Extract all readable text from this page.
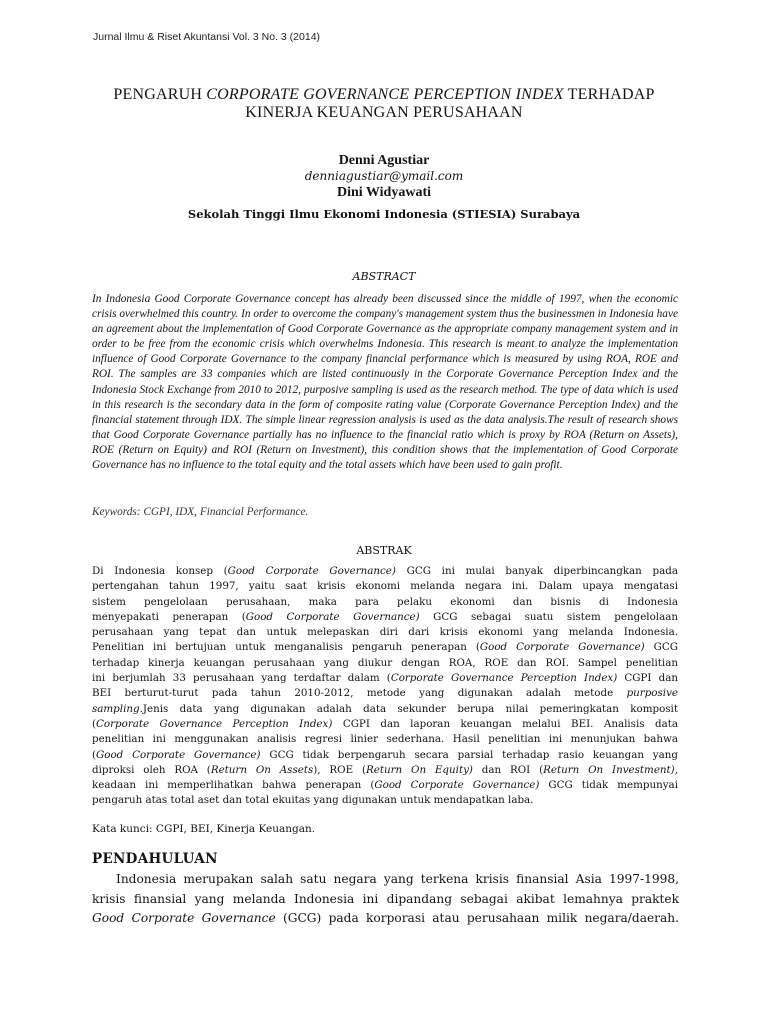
Jurnal Ilmu & Riset Akuntansi Vol. 3 No. 3 (2014)
PENGARUH CORPORATE GOVERNANCE PERCEPTION INDEX TERHADAP
KINERJA KEUANGAN PERUSAHAAN
Denni Agustiar
denniagustiar@ymail.com
Dini Widyawati
Sekolah Tinggi Ilmu Ekonomi Indonesia (STIESIA) Surabaya
ABSTRACT
In Indonesia Good Corporate Governance concept has already been discussed since the middle of 1997, when the economic crisis overwhelmed this country. In order to overcome the company's management system thus the businessmen in Indonesia have an agreement about the implementation of Good Corporate Governance as the appropriate company management system and in order to be free from the economic crisis which overwhelms Indonesia. This research is meant to analyze the implementation influence of Good Corporate Governance to the company financial performance which is measured by using ROA, ROE and ROI. The samples are 33 companies which are listed continuously in the Corporate Governance Perception Index and the Indonesia Stock Exchange from 2010 to 2012, purposive sampling is used as the research method. The type of data which is used in this research is the secondary data in the form of composite rating value (Corporate Governance Perception Index) and the financial statement through IDX. The simple linear regression analysis is used as the data analysis.The result of research shows that Good Corporate Governance partially has no influence to the financial ratio which is proxy by ROA (Return on Assets), ROE (Return on Equity) and ROI (Return on Investment), this condition shows that the implementation of Good Corporate Governance has no influence to the total equity and the total assets which have been used to gain profit.
Keywords: CGPI, IDX, Financial Performance.
ABSTRAK
Di Indonesia konsep (Good Corporate Governance) GCG ini mulai banyak diperbincangkan pada
pertengahan tahun 1997, yaitu saat krisis ekonomi melanda negara ini. Dalam upaya mengatasi
sistem pengelolaan perusahaan, maka para pelaku ekonomi dan bisnis di Indonesia
menyepakati penerapan (Good Corporate Governance) GCG sebagai suatu sistem pengelolaan
perusahaan yang tepat dan untuk melepaskan diri dari krisis ekonomi yang melanda Indonesia.
Penelitian ini bertujuan untuk menganalisis pengaruh penerapan (Good Corporate Governance) GCG
terhadap kinerja keuangan perusahaan yang diukur dengan ROA, ROE dan ROI. Sampel penelitian
ini berjumlah 33 perusahaan yang terdaftar dalam (Corporate Governance Perception Index) CGPI dan
BEI berturut-turut pada tahun 2010-2012, metode yang digunakan adalah metode purposive
sampling.Jenis data yang digunakan adalah data sekunder berupa nilai pemeringkatan komposit
(Corporate Governance Perception Index) CGPI dan laporan keuangan melalui BEI. Analisis data
penelitian ini menggunakan analisis regresi linier sederhana. Hasil penelitian ini menunjukan bahwa
(Good Corporate Governance) GCG tidak berpengaruh secara parsial terhadap rasio keuangan yang
diproksi oleh ROA (Return On Assets), ROE (Return On Equity) dan ROI (Return On Investment),
keadaan ini memperlihatkan bahwa penerapan (Good Corporate Governance) GCG tidak mempunyai
pengaruh atas total aset dan total ekuitas yang digunakan untuk mendapatkan laba.
Kata kunci: CGPI, BEI, Kinerja Keuangan.
PENDAHULUAN
Indonesia merupakan salah satu negara yang terkena krisis finansial Asia 1997-1998,
krisis finansial yang melanda Indonesia ini dipandang sebagai akibat lemahnya praktek
Good Corporate Governance (GCG) pada korporasi atau perusahaan milik negara/daerah.
